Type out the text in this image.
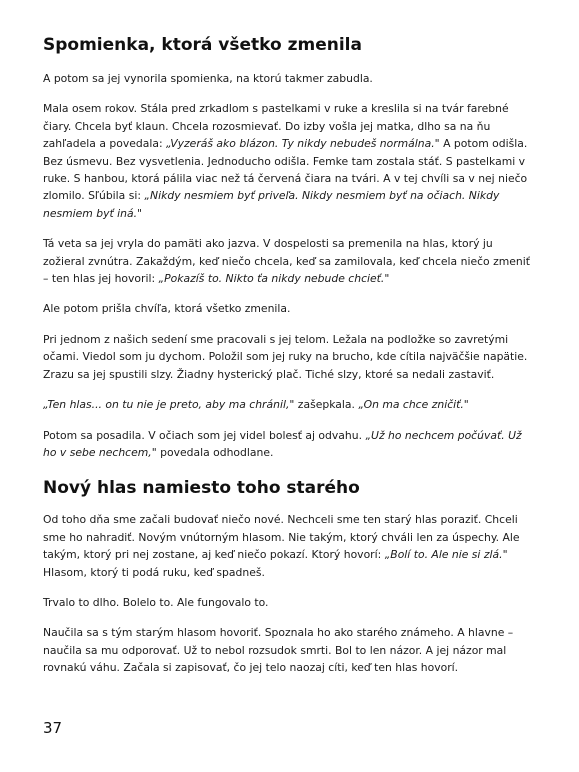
Spomienka, ktorá všetko zmenila

A potom sa jej vynorila spomienka, na ktorú takmer zabudla.

Mala osem rokov. Stála pred zrkadlom s pastelkami v ruke a kreslila si na tvár farebné čiary. Chcela byť klaun. Chcela rozosmievať. Do izby vošla jej matka, dlho sa na ňu zahľadela a povedala: „Vyzeráš ako blázon. Ty nikdy nebudeš normálna." A potom odišla. Bez úsmevu. Bez vysvetlenia. Jednoducho odišla. Femke tam zostala stáť. S pastelkami v ruke. S hanbou, ktorá pálila viac než tá červená čiara na tvári. A v tej chvíli sa v nej niečo zlomilo. Sľúbila si: „Nikdy nesmiem byť priveľa. Nikdy nesmiem byť na očiach. Nikdy nesmiem byť iná."

Tá veta sa jej vryla do pamäti ako jazva. V dospelosti sa premenila na hlas, ktorý ju zožieral zvnútra. Zakaždým, keď niečo chcela, keď sa zamilovala, keď chcela niečo zmeniť – ten hlas jej hovoril: „Pokazíš to. Nikto ťa nikdy nebude chcieť."

Ale potom prišla chvíľa, ktorá všetko zmenila.

Pri jednom z našich sedení sme pracovali s jej telom. Ležala na podložke so zavretými očami. Viedol som ju dychom. Položil som jej ruky na brucho, kde cítila najväčšie napätie. Zrazu sa jej spustili slzy. Žiadny hysterický plač. Tiché slzy, ktoré sa nedali zastaviť.

„Ten hlas... on tu nie je preto, aby ma chránil," zašepkala. „On ma chce zničiť."

Potom sa posadila. V očiach som jej videl bolesť aj odvahu. „Už ho nechcem počúvať. Už ho v sebe nechcem," povedala odhodlane.

Nový hlas namiesto toho starého

Od toho dňa sme začali budovať niečo nové. Nechceli sme ten starý hlas poraziť. Chceli sme ho nahradiť. Novým vnútorným hlasom. Nie takým, ktorý chváli len za úspechy. Ale takým, ktorý pri nej zostane, aj keď niečo pokazí. Ktorý hovorí: „Bolí to. Ale nie si zlá." Hlasom, ktorý ti podá ruku, keď spadneš.

Trvalo to dlho. Bolelo to. Ale fungovalo to.

Naučila sa s tým starým hlasom hovoriť. Spoznala ho ako starého známeho. A hlavne – naučila sa mu odporovať. Už to nebol rozsudok smrti. Bol to len názor. A jej názor mal rovnakú váhu. Začala si zapisovať, čo jej telo naozaj cíti, keď ten hlas hovorí.

37
